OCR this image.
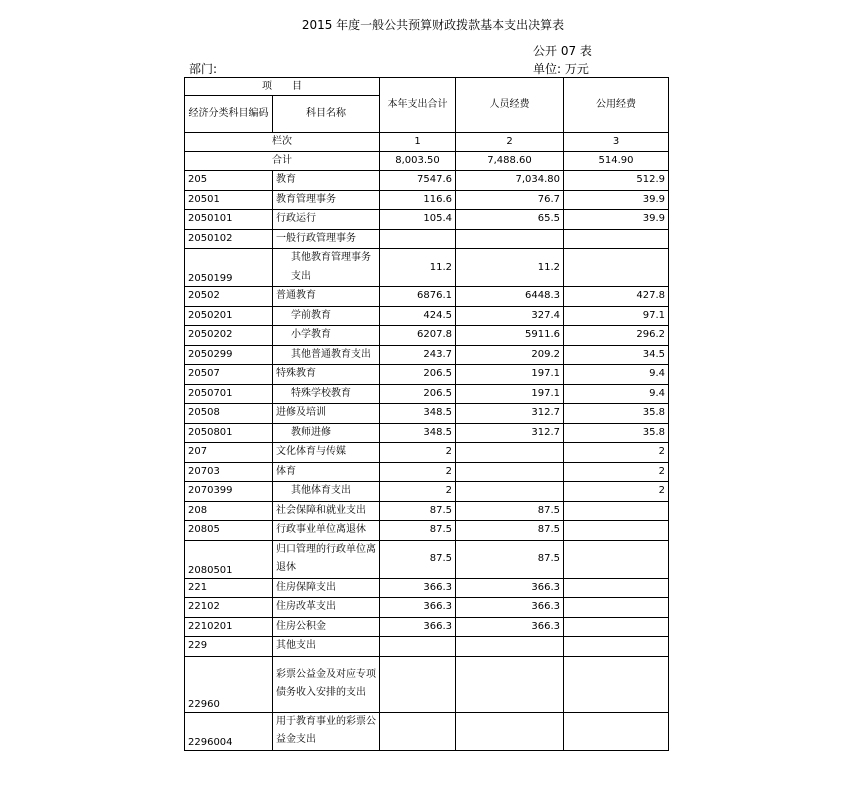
2015 年度一般公共预算财政拨款基本支出决算表
公开 07 表
部门:	单位: 万元
项　　目		本年支出合计	人员经费	公用经费
经济分类科目编码	科目名称			
栏次		1	2	3
合计		8,003.50	7,488.60	514.90
205	教育	7547.6	7,034.80	512.9
20501	教育管理事务	116.6	76.7	39.9
2050101	行政运行	105.4	65.5	39.9
2050102	一般行政管理事务			
2050199	其他教育管理事务支出	11.2	11.2	
20502	普通教育	6876.1	6448.3	427.8
2050201	学前教育	424.5	327.4	97.1
2050202	小学教育	6207.8	5911.6	296.2
2050299	其他普通教育支出	243.7	209.2	34.5
20507	特殊教育	206.5	197.1	9.4
2050701	特殊学校教育	206.5	197.1	9.4
20508	进修及培训	348.5	312.7	35.8
2050801	教师进修	348.5	312.7	35.8
207	文化体育与传媒	2		2
20703	体育	2		2
2070399	其他体育支出	2		2
208	社会保障和就业支出	87.5	87.5	
20805	行政事业单位离退休	87.5	87.5	
2080501	归口管理的行政单位离退休	87.5	87.5	
221	住房保障支出	366.3	366.3	
22102	住房改革支出	366.3	366.3	
2210201	住房公积金	366.3	366.3	
229	其他支出			
22960	彩票公益金及对应专项债务收入安排的支出			
2296004	用于教育事业的彩票公益金支出			
